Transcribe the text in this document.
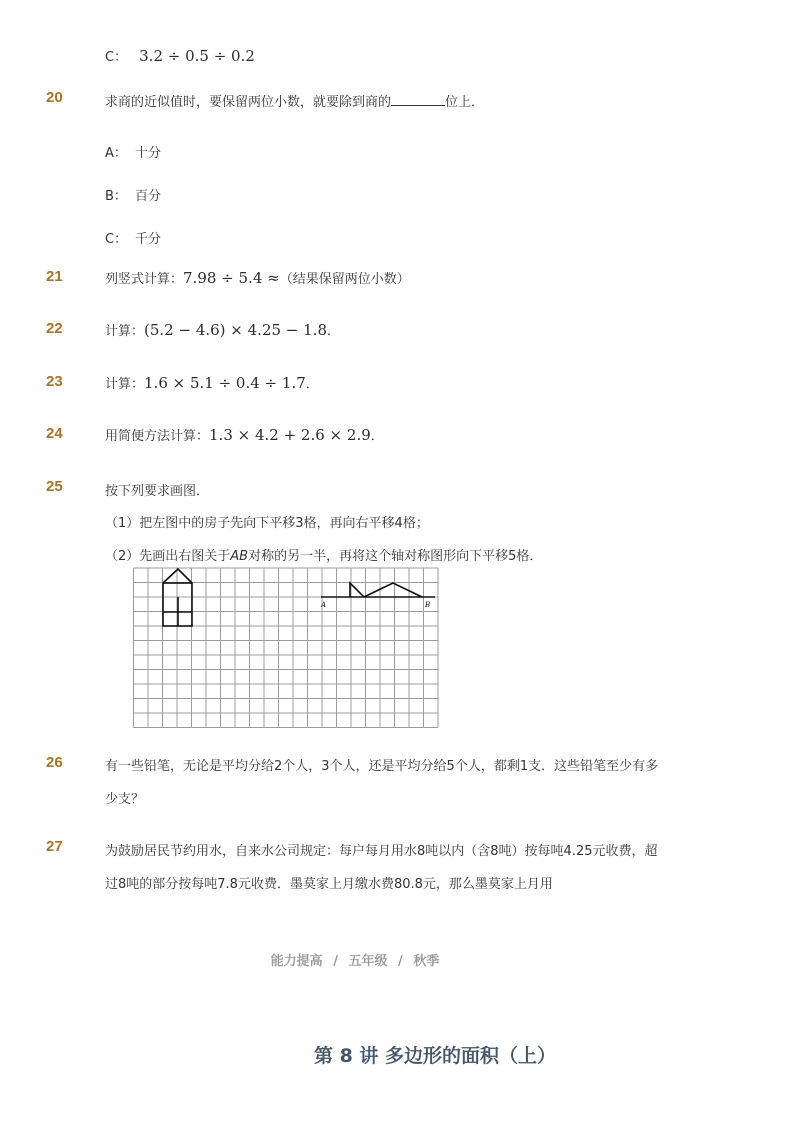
C： 3.2 ÷ 0.5 ÷ 0.2
20	求商的近似值时，要保留两位小数，就要除到商的	位上．
A： 十分
B： 百分
C： 千分
21	列竖式计算：7.98 ÷ 5.4 ≈（结果保留两位小数）
22	计算：(5.2 − 4.6) × 4.25 − 1.8．
23	计算：1.6 × 5.1 ÷ 0.4 ÷ 1.7．
24	用简便方法计算：1.3 × 4.2 + 2.6 × 2.9．
25	按下列要求画图．
（1）把左图中的房子先向下平移3格，再向右平移4格；
（2）先画出右图关于AB对称的另一半，再将这个轴对称图形向下平移5格．
A	B
26	有一些铅笔，无论是平均分给2个人，3个人，还是平均分给5个人，都剩1支．这些铅笔至少有多
少支？
27	为鼓励居民节约用水，自来水公司规定：每户每月用水8吨以内（含8吨）按每吨4.25元收费，超
过8吨的部分按每吨7.8元收费．墨莫家上月缴水费80.8元，那么墨莫家上月用
能力提高 / 五年级 / 秋季
第 8 讲 多边形的面积（上）
